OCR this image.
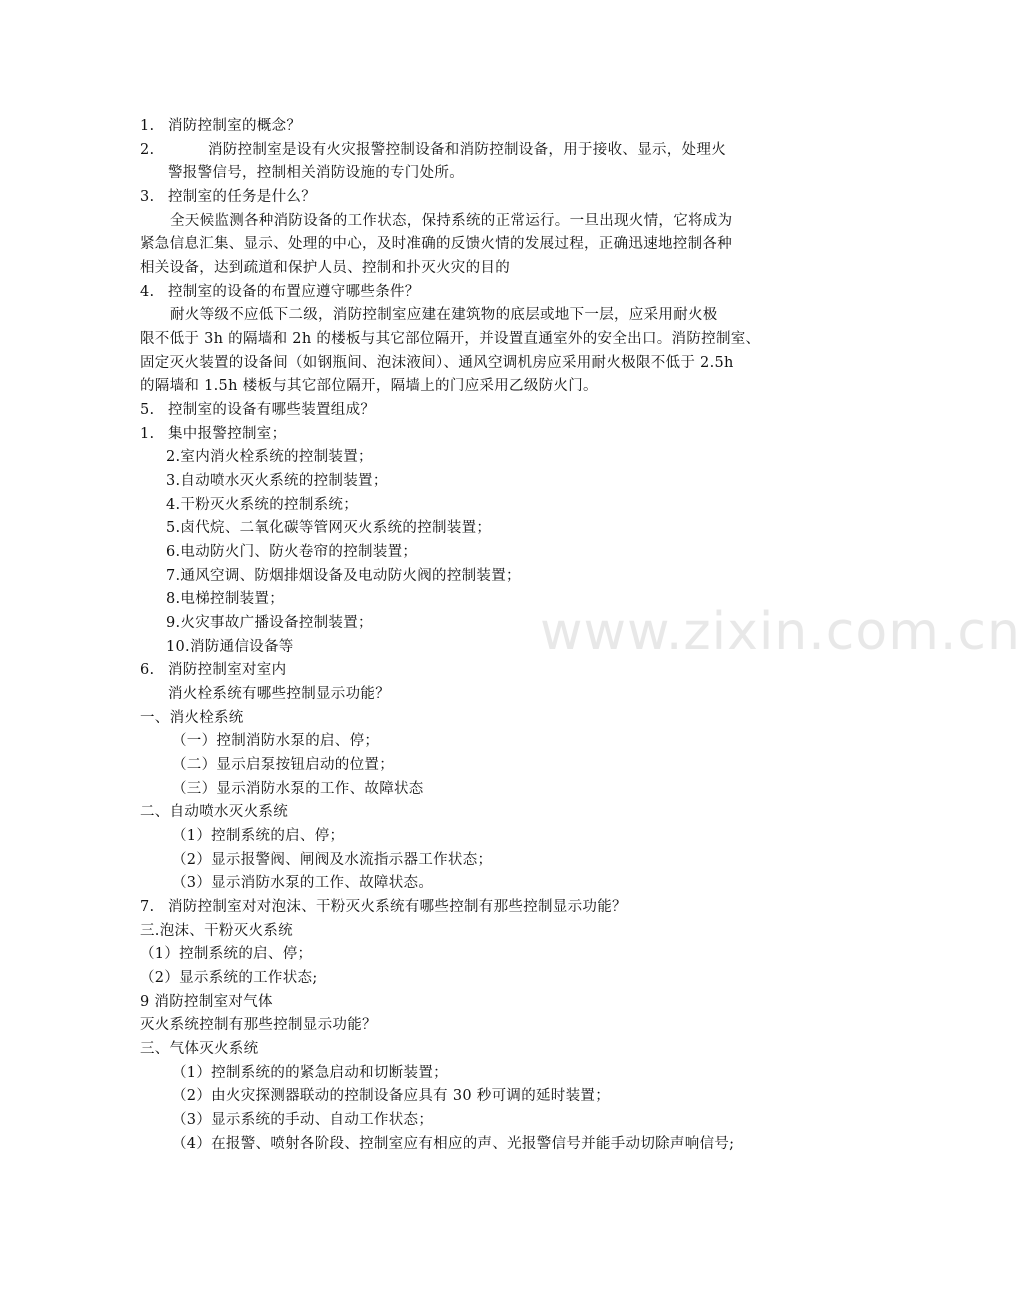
1. 消防控制室的概念？
2.	消防控制室是设有火灾报警控制设备和消防控制设备，用于接收、显示，处理火
警报警信号，控制相关消防设施的专门处所。
3. 控制室的任务是什么？
全天候监测各种消防设备的工作状态，保持系统的正常运行。一旦出现火情，它将成为
紧急信息汇集、显示、处理的中心，及时准确的反馈火情的发展过程，正确迅速地控制各种
相关设备，达到疏道和保护人员、控制和扑灭火灾的目的
4. 控制室的设备的布置应遵守哪些条件？
耐火等级不应低下二级，消防控制室应建在建筑物的底层或地下一层，应采用耐火极
限不低于 3h 的隔墙和 2h 的楼板与其它部位隔开，并设置直通室外的安全出口。消防控制室、
固定灭火装置的设备间（如钢瓶间、泡沫液间）、通风空调机房应采用耐火极限不低于 2.5h
的隔墙和 1.5h 楼板与其它部位隔开，隔墙上的门应采用乙级防火门。
5. 控制室的设备有哪些装置组成？
1. 集中报警控制室；
2.室内消火栓系统的控制装置；
3.自动喷水灭火系统的控制装置；
4.干粉灭火系统的控制系统；
5.卤代烷、二氧化碳等管网灭火系统的控制装置；
6.电动防火门、防火卷帘的控制装置；
7.通风空调、防烟排烟设备及电动防火阀的控制装置；
8.电梯控制装置；
9.火灾事故广播设备控制装置；
10.消防通信设备等
6. 消防控制室对室内
消火栓系统有哪些控制显示功能？
一、消火栓系统
（一）控制消防水泵的启、停；
（二）显示启泵按钮启动的位置；
（三）显示消防水泵的工作、故障状态
二、自动喷水灭火系统
（1）控制系统的启、停；
（2）显示报警阀、闸阀及水流指示器工作状态；
（3）显示消防水泵的工作、故障状态。
7. 消防控制室对对泡沫、干粉灭火系统有哪些控制有那些控制显示功能？
三.泡沫、干粉灭火系统
（1）控制系统的启、停；
（2）显示系统的工作状态;
9 消防控制室对气体
灭火系统控制有那些控制显示功能？
三、气体灭火系统
（1）控制系统的的紧急启动和切断装置；
（2）由火灾探测器联动的控制设备应具有 30 秒可调的延时装置；
（3）显示系统的手动、自动工作状态；
（4）在报警、喷射各阶段、控制室应有相应的声、光报警信号并能手动切除声响信号;
www.zixin.com.cn
